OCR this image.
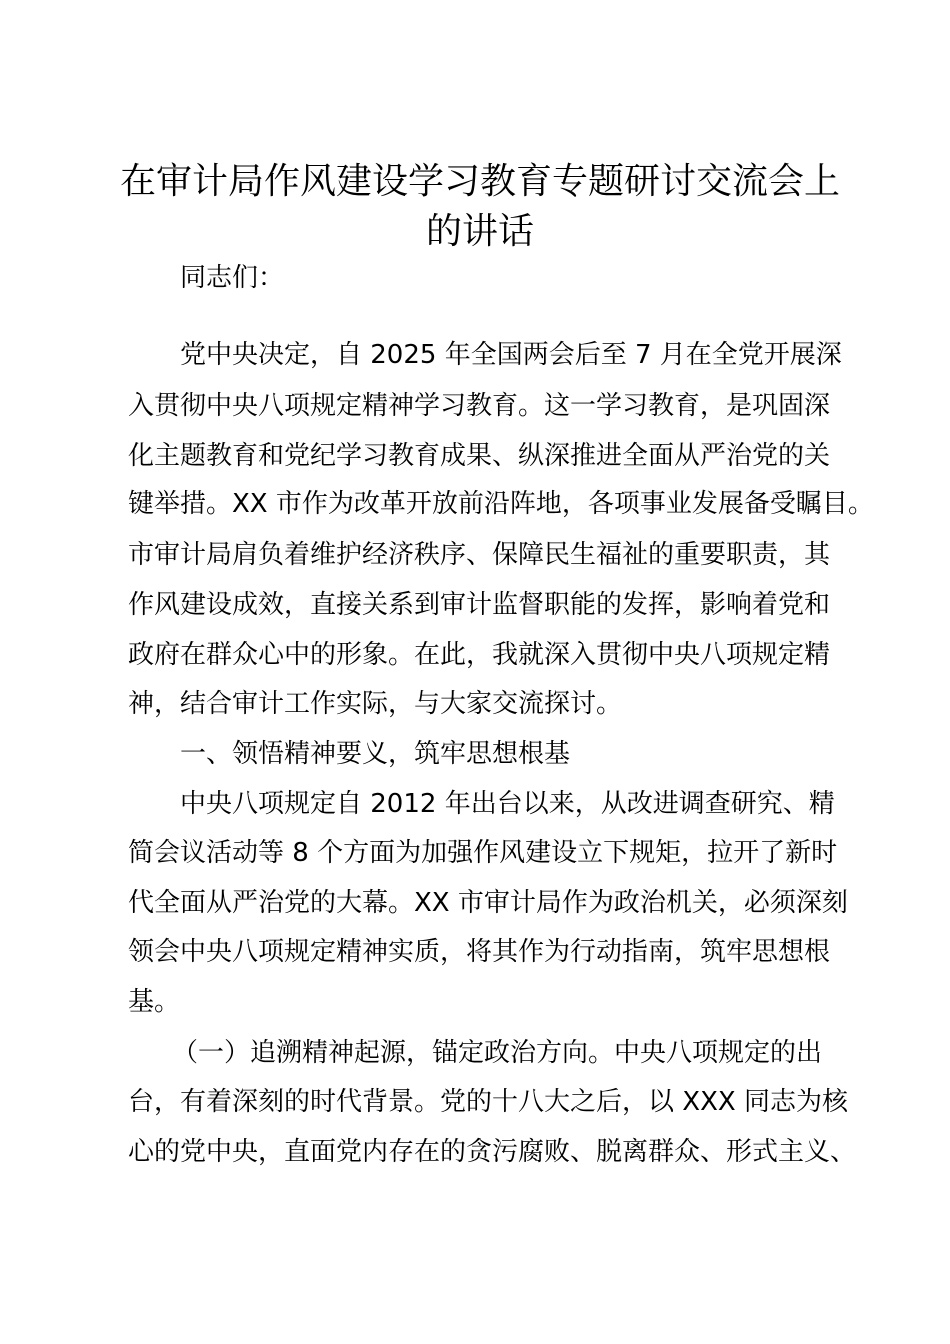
在审计局作风建设学习教育专题研讨交流会上
的讲话

同志们：

党中央决定，自 2025 年全国两会后至 7 月在全党开展深

入贯彻中央八项规定精神学习教育。这一学习教育，是巩固深

化主题教育和党纪学习教育成果、纵深推进全面从严治党的关

键举措。XX 市作为改革开放前沿阵地，各项事业发展备受瞩目。

市审计局肩负着维护经济秩序、保障民生福祉的重要职责，其

作风建设成效，直接关系到审计监督职能的发挥，影响着党和

政府在群众心中的形象。在此，我就深入贯彻中央八项规定精

神，结合审计工作实际，与大家交流探讨。

一、领悟精神要义，筑牢思想根基

中央八项规定自 2012 年出台以来，从改进调查研究、精

简会议活动等 8 个方面为加强作风建设立下规矩，拉开了新时

代全面从严治党的大幕。XX 市审计局作为政治机关，必须深刻

领会中央八项规定精神实质，将其作为行动指南，筑牢思想根

基。

（一）追溯精神起源，锚定政治方向。中央八项规定的出

台，有着深刻的时代背景。党的十八大之后，以 XXX 同志为核

心的党中央，直面党内存在的贪污腐败、脱离群众、形式主义、
